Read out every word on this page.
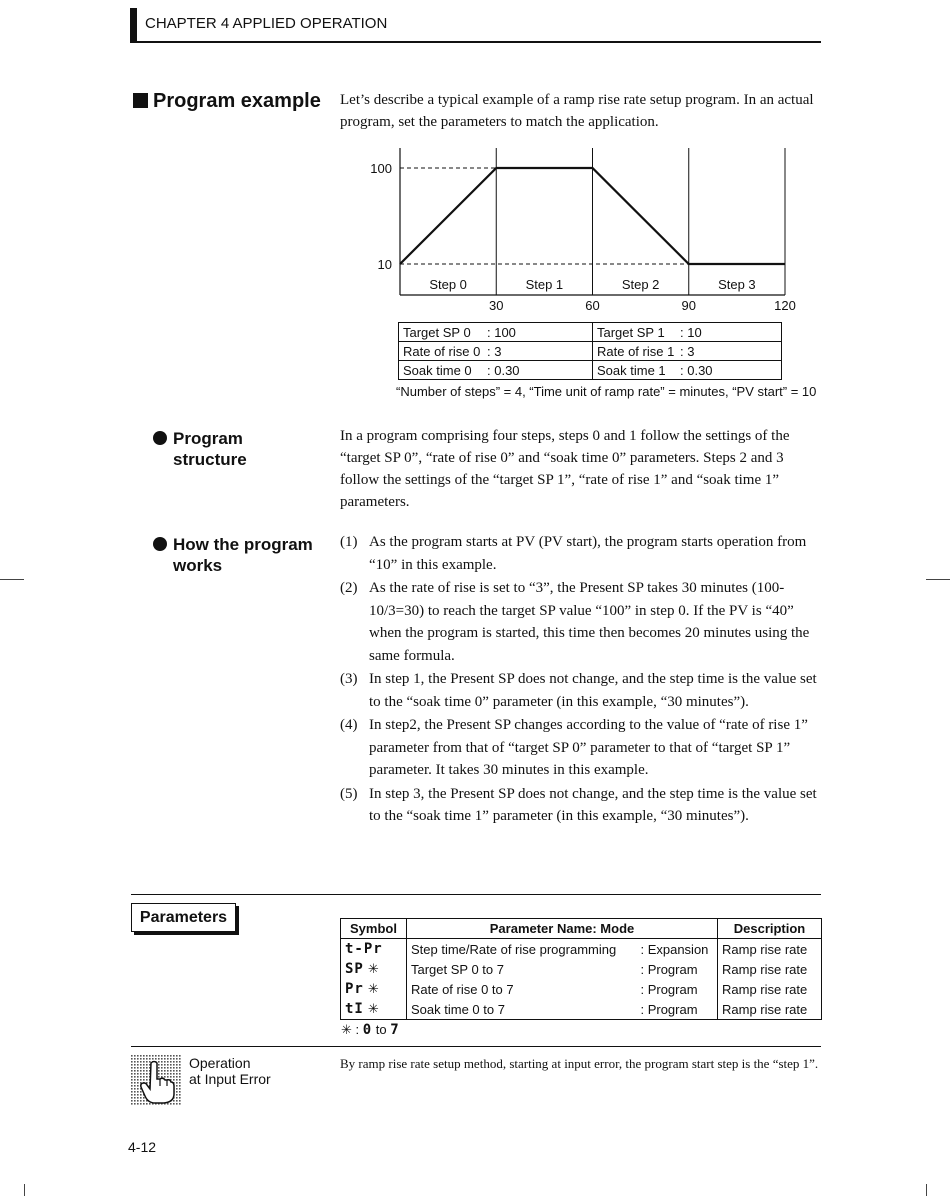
CHAPTER 4 APPLIED OPERATION
Program example Let’s describe a typical example of a ramp rise rate setup program. In an actual program, set the parameters to match the application.
100
10
30	60	90	120
Step 0	Step 1	Step 2	Step 3
Target SP 0 : 100	Target SP 1 : 10
Rate of rise 0 : 3	Rate of rise 1 : 3
Soak time 0 : 0.30	Soak time 1 : 0.30
“Number of steps” = 4, “Time unit of ramp rate” = minutes, “PV start” = 10
Program
structure
In a program comprising four steps, steps 0 and 1 follow the settings of the “target SP 0”, “rate of rise 0” and “soak time 0” parameters. Steps 2 and 3 follow the settings of the “target SP 1”, “rate of rise 1” and “soak time 1” parameters.
How the program
works
(1) As the program starts at PV (PV start), the program starts operation from “10” in this example.
(2) As the rate of rise is set to “3”, the Present SP takes 30 minutes (100-10/3=30) to reach the target SP value “100” in step 0. If the PV is “40” when the program is started, this time then becomes 20 minutes using the same formula.
(3) In step 1, the Present SP does not change, and the step time is the value set to the “soak time 0” parameter (in this example, “30 minutes”).
(4) In step2, the Present SP changes according to the value of “rate of rise 1” parameter from that of “target SP 0” parameter to that of “target SP 1” parameter. It takes 30 minutes in this example.
(5) In step 3, the Present SP does not change, and the step time is the value set to the “soak time 1” parameter (in this example, “30 minutes”).
Parameters
Symbol	Parameter Name: Mode		Description
t-Pr	Step time/Rate of rise programming	: Expansion	Ramp rise rate
SP ✳	Target SP 0 to 7	: Program	Ramp rise rate
Pr ✳	Rate of rise 0 to 7	: Program	Ramp rise rate
tI ✳	Soak time 0 to 7	: Program	Ramp rise rate
✳ : 0 to 7
Operation
at Input Error
By ramp rise rate setup method, starting at input error, the program start step is the “step 1”.
4-12
